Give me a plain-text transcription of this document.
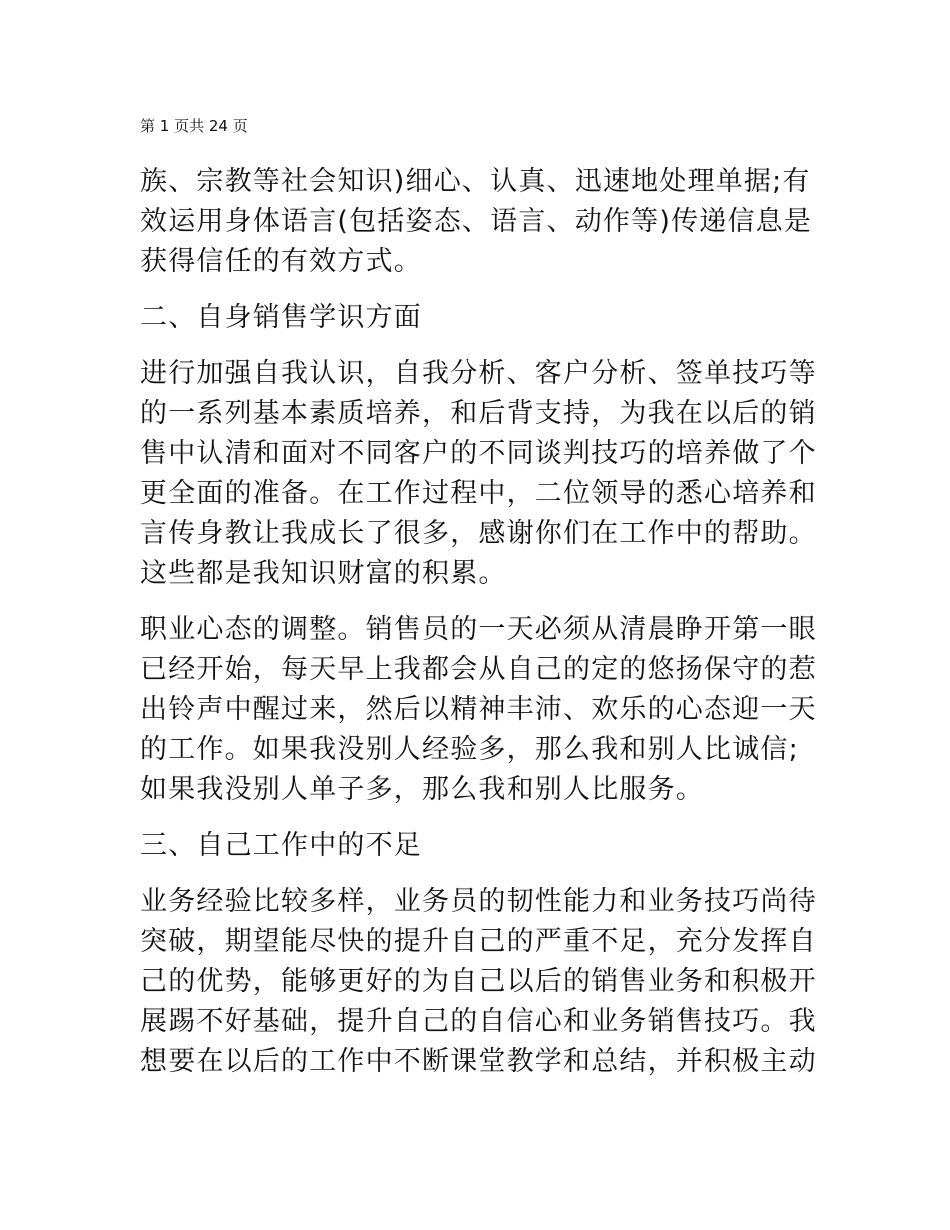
第 1 页共 24 页

族、宗教等社会知识)细心、认真、迅速地处理单据;有效运用身体语言(包括姿态、语言、动作等)传递信息是获得信任的有效方式。

二、自身销售学识方面

进行加强自我认识，自我分析、客户分析、签单技巧等的一系列基本素质培养，和后背支持，为我在以后的销售中认清和面对不同客户的不同谈判技巧的培养做了个更全面的准备。在工作过程中，二位领导的悉心培养和言传身教让我成长了很多，感谢你们在工作中的帮助。这些都是我知识财富的积累。

职业心态的调整。销售员的一天必须从清晨睁开第一眼已经开始，每天早上我都会从自己的定的悠扬保守的惹出铃声中醒过来，然后以精神丰沛、欢乐的心态迎一天的工作。如果我没别人经验多，那么我和别人比诚信;如果我没别人单子多，那么我和别人比服务。

三、自己工作中的不足

业务经验比较多样，业务员的韧性能力和业务技巧尚待突破，期望能尽快的提升自己的严重不足，充分发挥自己的优势，能够更好的为自己以后的销售业务和积极开展踢不好基础，提升自己的自信心和业务销售技巧。我想要在以后的工作中不断课堂教学和总结，并积极主动
